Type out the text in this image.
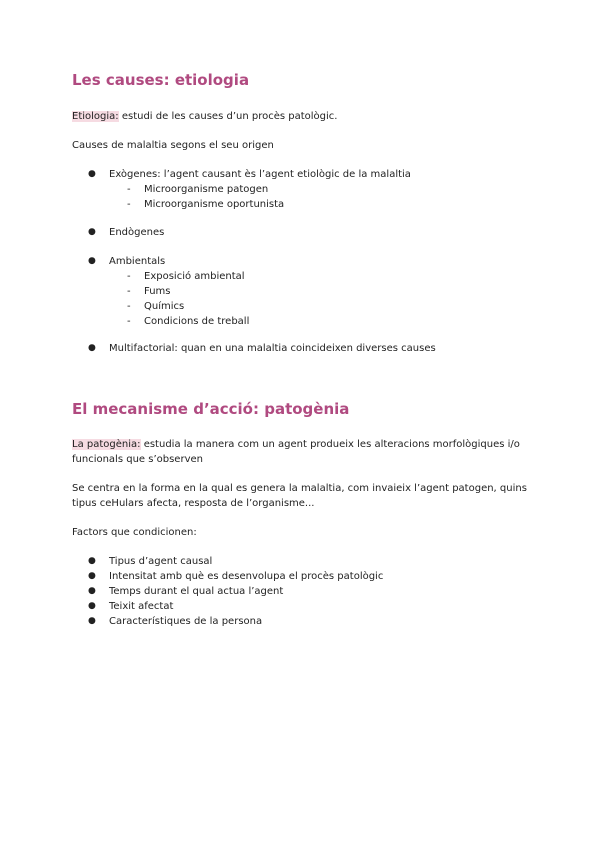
Les causes: etiologia

Etiologia: estudi de les causes d’un procès patològic.

Causes de malaltia segons el seu origen

● Exògenes: l’agent causant ès l’agent etiològic de la malaltia
- Microorganisme patogen
- Microorganisme oportunista
● Endògenes
● Ambientals
- Exposició ambiental
- Fums
- Químics
- Condicions de treball
● Multifactorial: quan en una malaltia coincideixen diverses causes
El mecanisme d’acció: patogènia

La patogènia: estudia la manera com un agent produeix les alteracions morfològiques i/o funcionals que s’observen

Se centra en la forma en la qual es genera la malaltia, com invaieix l’agent patogen, quins tipus ceHulars afecta, resposta de l’organisme...

Factors que condicionen:

● Tipus d’agent causal
● Intensitat amb què es desenvolupa el procès patològic
● Temps durant el qual actua l’agent
● Teixit afectat
● Característiques de la persona
